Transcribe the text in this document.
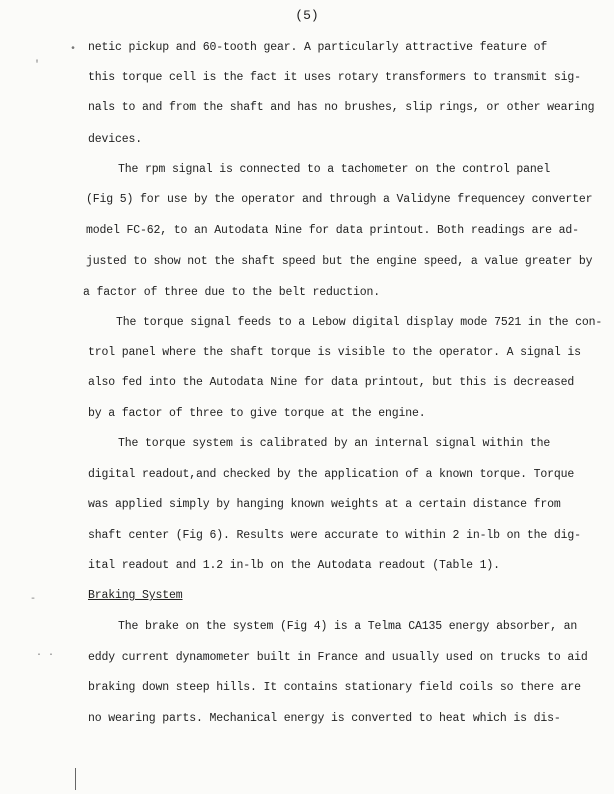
(5)
•
'
-
. .
netic pickup and 60-tooth gear. A particularly attractive feature of
this torque cell is the fact it uses rotary transformers to transmit sig-
nals to and from the shaft and has no brushes, slip rings, or other wearing
devices.
The rpm signal is connected to a tachometer on the control panel
(Fig 5) for use by the operator and through a Validyne frequencey converter
model FC-62, to an Autodata Nine for data printout. Both readings are ad-
justed to show not the shaft speed but the engine speed, a value greater by
a factor of three due to the belt reduction.
The torque signal feeds to a Lebow digital display mode 7521 in the con-
trol panel where the shaft torque is visible to the operator. A signal is
also fed into the Autodata Nine for data printout, but this is decreased
by a factor of three to give torque at the engine.
The torque system is calibrated by an internal signal within the
digital readout,and checked by the application of a known torque. Torque
was applied simply by hanging known weights at a certain distance from
shaft center (Fig 6). Results were accurate to within 2 in-lb on the dig-
ital readout and 1.2 in-lb on the Autodata readout (Table 1).
Braking System
The brake on the system (Fig 4) is a Telma CA135 energy absorber, an
eddy current dynamometer built in France and usually used on trucks to aid
braking down steep hills. It contains stationary field coils so there are
no wearing parts. Mechanical energy is converted to heat which is dis-
